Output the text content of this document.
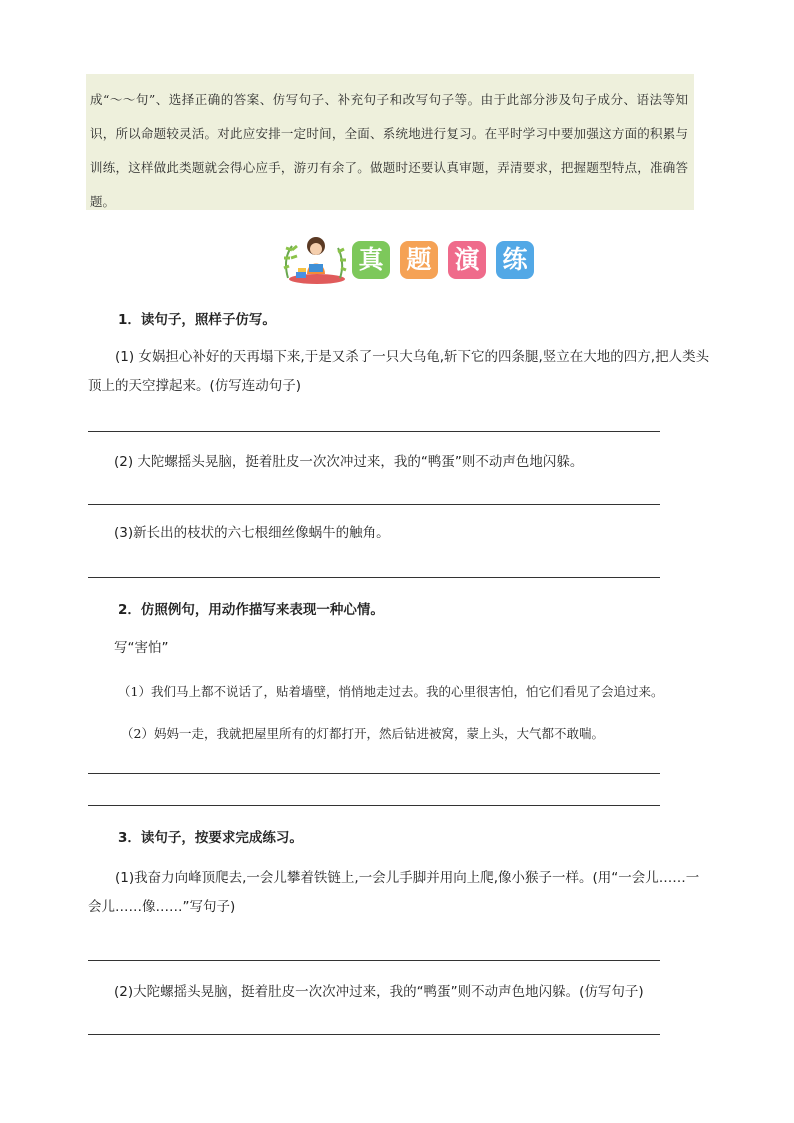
成“～～句”、选择正确的答案、仿写句子、补充句子和改写句子等。由于此部分涉及句子成分、语法等知识，所以命题较灵活。对此应安排一定时间，全面、系统地进行复习。在平时学习中要加强这方面的积累与训练，这样做此类题就会得心应手，游刃有余了。做题时还要认真审题，弄清要求，把握题型特点，准确答题。
真 题 演 练
1．读句子，照样子仿写。
(1) 女娲担心补好的天再塌下来,于是又杀了一只大乌龟,斩下它的四条腿,竖立在大地的四方,把人类头顶上的天空撑起来。(仿写连动句子)
(2) 大陀螺摇头晃脑，挺着肚皮一次次冲过来，我的“鸭蛋”则不动声色地闪躲。
(3)新长出的枝状的六七根细丝像蜗牛的触角。
2．仿照例句，用动作描写来表现一种心情。
写“害怕”
（1）我们马上都不说话了，贴着墙壁，悄悄地走过去。我的心里很害怕，怕它们看见了会追过来。
（2）妈妈一走，我就把屋里所有的灯都打开，然后钻进被窝，蒙上头，大气都不敢喘。
3．读句子，按要求完成练习。
(1)我奋力向峰顶爬去,一会儿攀着铁链上,一会儿手脚并用向上爬,像小猴子一样。(用“一会儿……一会儿……像……”写句子)
(2)大陀螺摇头晃脑，挺着肚皮一次次冲过来，我的“鸭蛋”则不动声色地闪躲。(仿写句子)
